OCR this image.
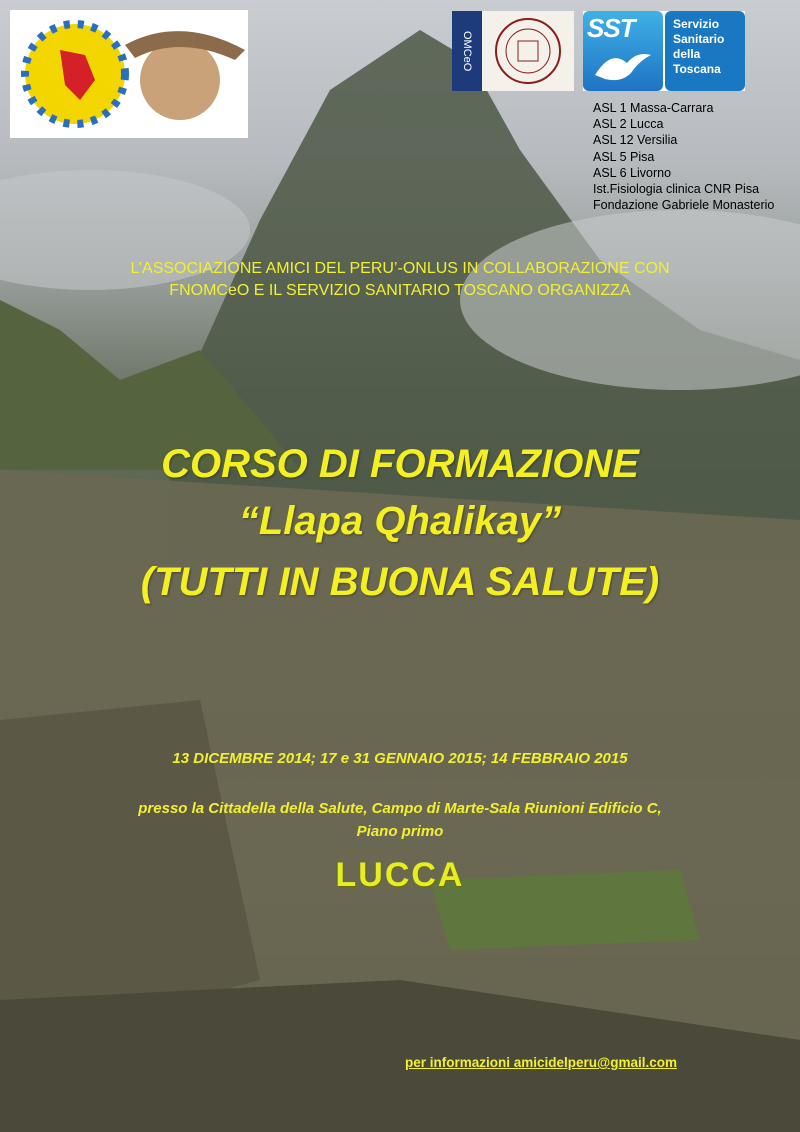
OMCeO
SST	Servizio
Sanitario
della
Toscana
ASL 1 Massa-Carrara
ASL 2 Lucca
ASL 12 Versilia
ASL 5 Pisa
ASL 6 Livorno
Ist.Fisiologia clinica CNR Pisa
Fondazione Gabriele Monasterio
L’ASSOCIAZIONE AMICI DEL PERU’-ONLUS IN COLLABORAZIONE CON
FNOMCeO E IL SERVIZIO SANITARIO TOSCANO ORGANIZZA
CORSO DI FORMAZIONE
“Llapa Qhalikay”
(TUTTI IN BUONA SALUTE)
13 DICEMBRE 2014; 17 e 31 GENNAIO 2015; 14 FEBBRAIO 2015
presso la Cittadella della Salute, Campo di Marte-Sala Riunioni Edificio C,
Piano primo
LUCCA
per informazioni amicidelperu@gmail.com
